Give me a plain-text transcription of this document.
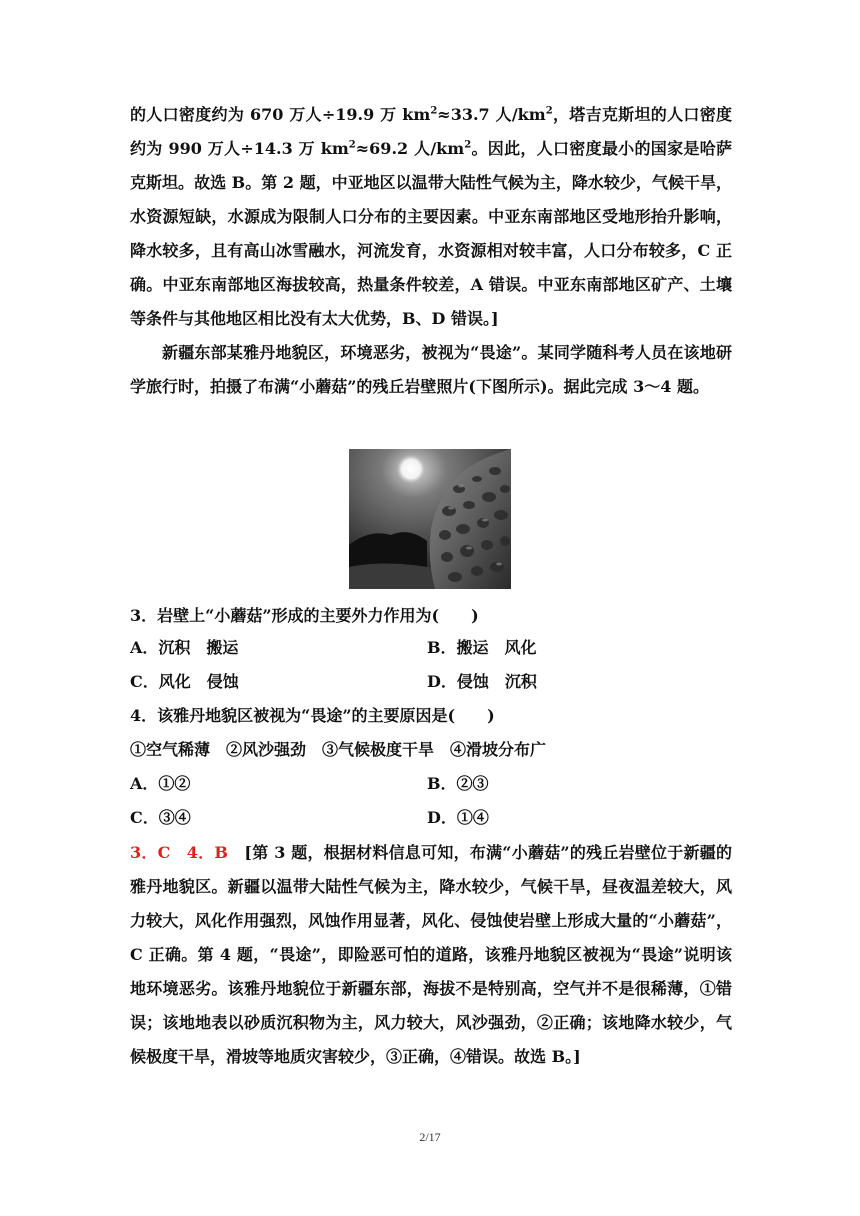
的人口密度约为 670 万人÷19.9 万 $km^2\approx 33.7$ 人$/km^2$，塔吉克斯坦的人口密度约为 990 万人÷14.3 万 $km^2\approx 69.2$ 人$/km^2$。因此，人口密度最小的国家是哈萨克斯坦。故选 B。第 2 题，中亚地区以温带大陆性气候为主，降水较少，气候干旱，水资源短缺，水源成为限制人口分布的主要因素。中亚东南部地区受地形抬升影响，降水较多，且有高山冰雪融水，河流发育，水资源相对较丰富，人口分布较多，C 正确。中亚东南部地区海拔较高，热量条件较差，A 错误。中亚东南部地区矿产、土壤等条件与其他地区相比没有太大优势，B、D 错误。]

新疆东部某雅丹地貌区，环境恶劣，被视为“畏途”。某同学随科考人员在该地研学旅行时，拍摄了布满“小蘑菇”的残丘岩壁照片(下图所示)。据此完成 3～4 题。

3．岩壁上“小蘑菇”形成的主要外力作用为(　　)
A．沉积　搬运	B．搬运　风化
C．风化　侵蚀	D．侵蚀　沉积
4．该雅丹地貌区被视为“畏途”的主要原因是(　　)
①空气稀薄　②风沙强劲　③气候极度干旱　④滑坡分布广
A．①②	B．②③
C．③④	D．①④

3．C　4．B　[第 3 题，根据材料信息可知，布满“小蘑菇”的残丘岩壁位于新疆的雅丹地貌区。新疆以温带大陆性气候为主，降水较少，气候干旱，昼夜温差较大，风力较大，风化作用强烈，风蚀作用显著，风化、侵蚀使岩壁上形成大量的“小蘑菇”，C 正确。第 4 题，“畏途”，即险恶可怕的道路，该雅丹地貌区被视为“畏途”说明该地环境恶劣。该雅丹地貌位于新疆东部，海拔不是特别高，空气并不是很稀薄，①错误；该地地表以砂质沉积物为主，风力较大，风沙强劲，②正确；该地降水较少，气候极度干旱，滑坡等地质灾害较少，③正确，④错误。故选 B。]

2/17
